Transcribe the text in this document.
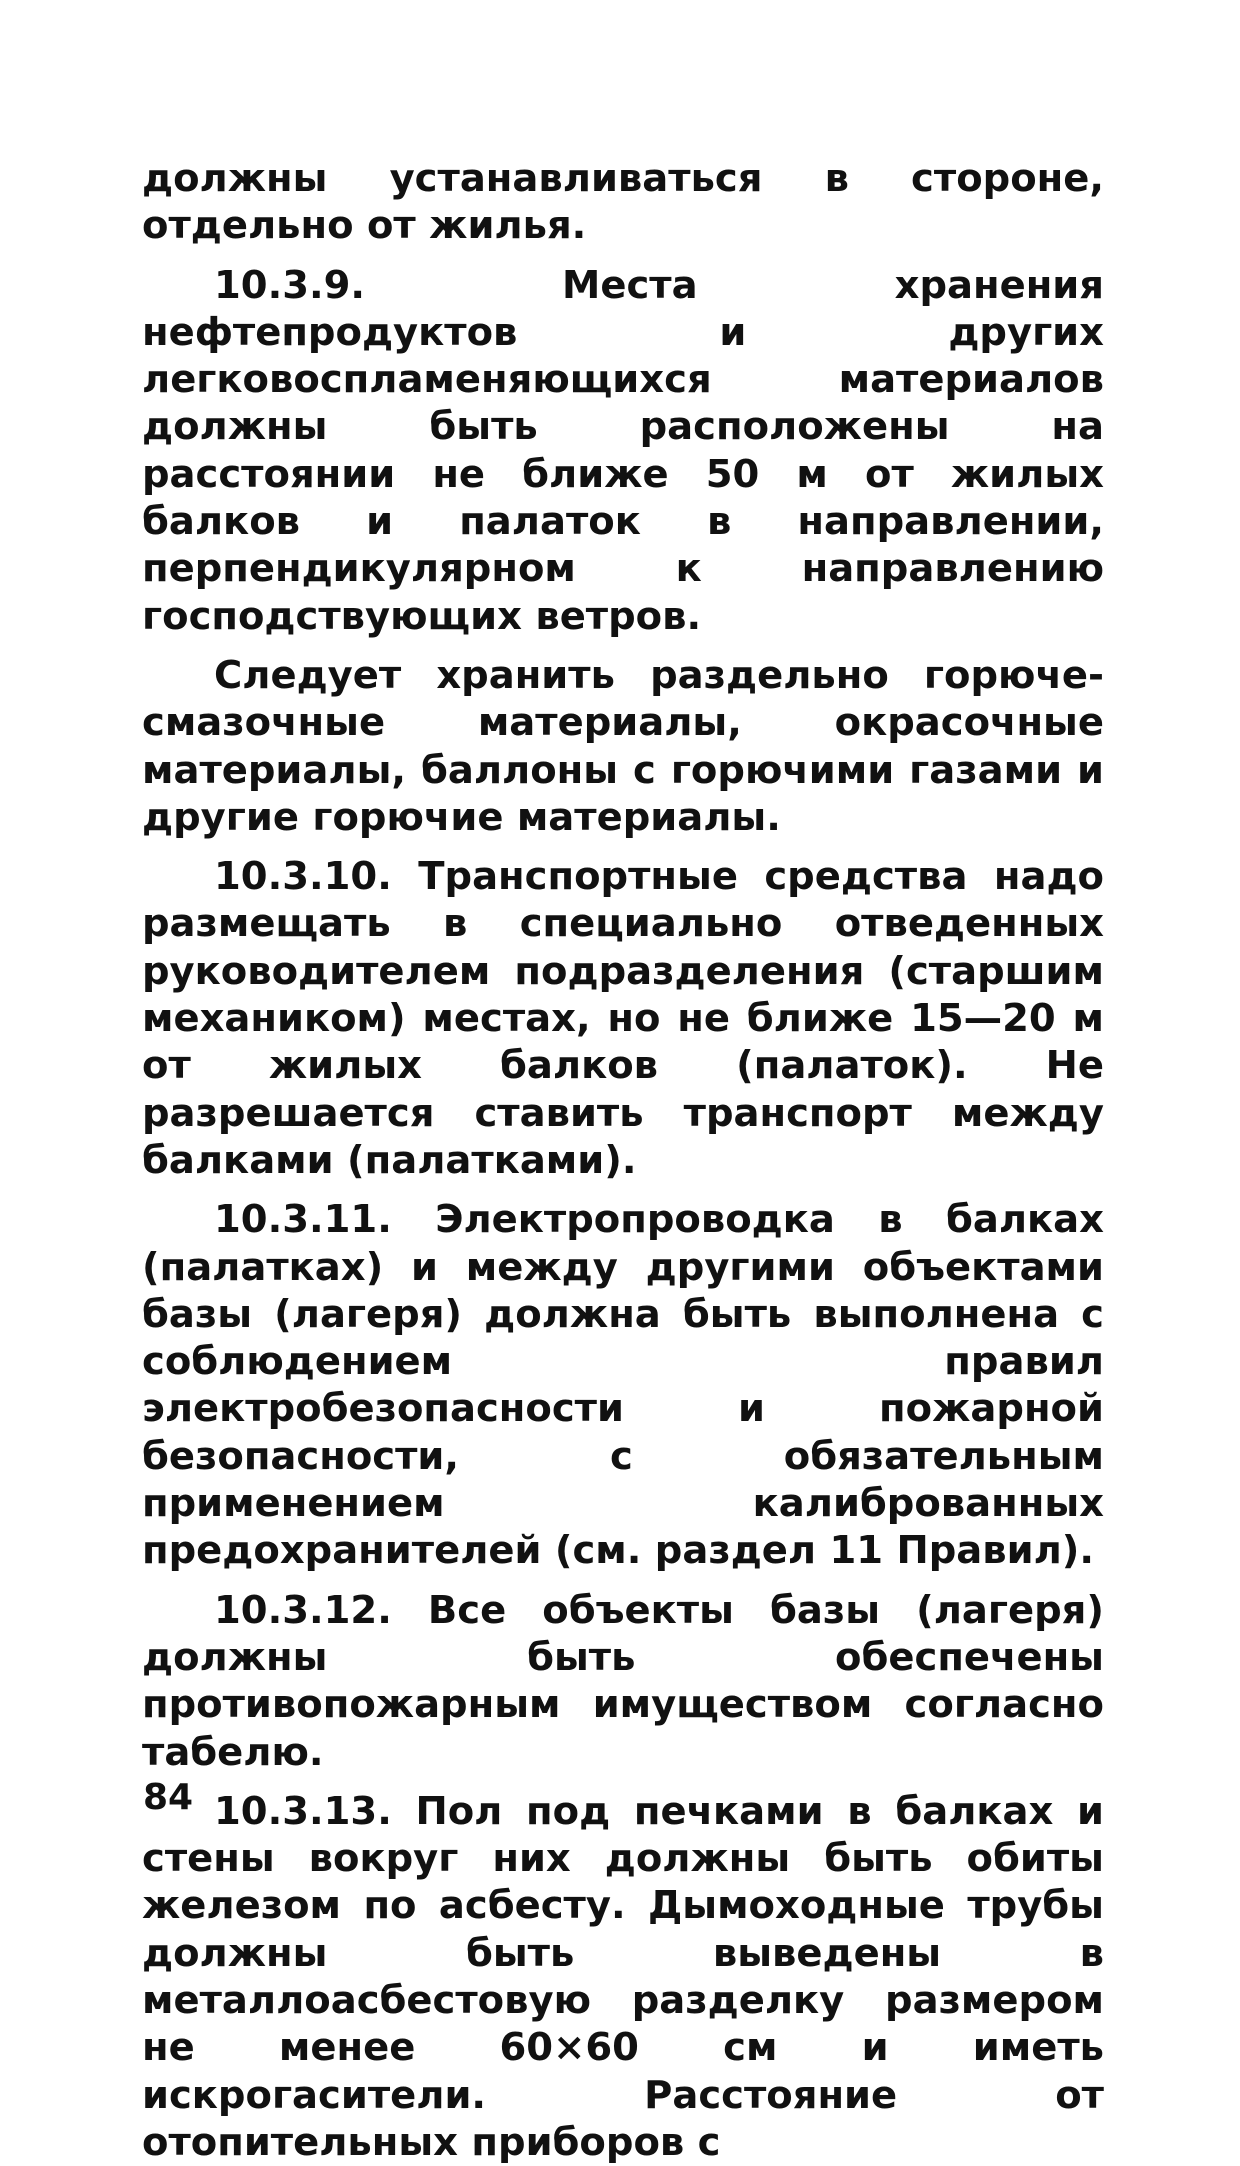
должны устанавливаться в стороне, отдельно от жилья.

10.3.9. Места хранения нефтепродуктов и других легковоспламеняющихся материалов должны быть расположены на расстоянии не ближе 50 м от жилых балков и палаток в направлении, перпендикулярном к направлению господствующих ветров.

Следует хранить раздельно горюче-смазочные материалы, окрасочные материалы, баллоны с горючими газами и другие горючие материалы.

10.3.10. Транспортные средства надо размещать в специально отведенных руководителем подразделения (старшим механиком) местах, но не ближе 15—20 м от жилых балков (палаток). Не разрешается ставить транспорт между балками (палатками).

10.3.11. Электропроводка в балках (палатках) и между другими объектами базы (лагеря) должна быть выполнена с соблюдением правил электробезопасности и пожарной безопасности, с обязательным применением калиброванных предохранителей (см. раздел 11 Правил).

10.3.12. Все объекты базы (лагеря) должны быть обеспечены противопожарным имуществом согласно табелю.

10.3.13. Пол под печками в балках и стены вокруг них должны быть обиты железом по асбесту. Дымоходные трубы должны быть выведены в металлоасбестовую разделку размером не менее 60×60 см и иметь искрогасители. Расстояние от отопительных приборов с

84
